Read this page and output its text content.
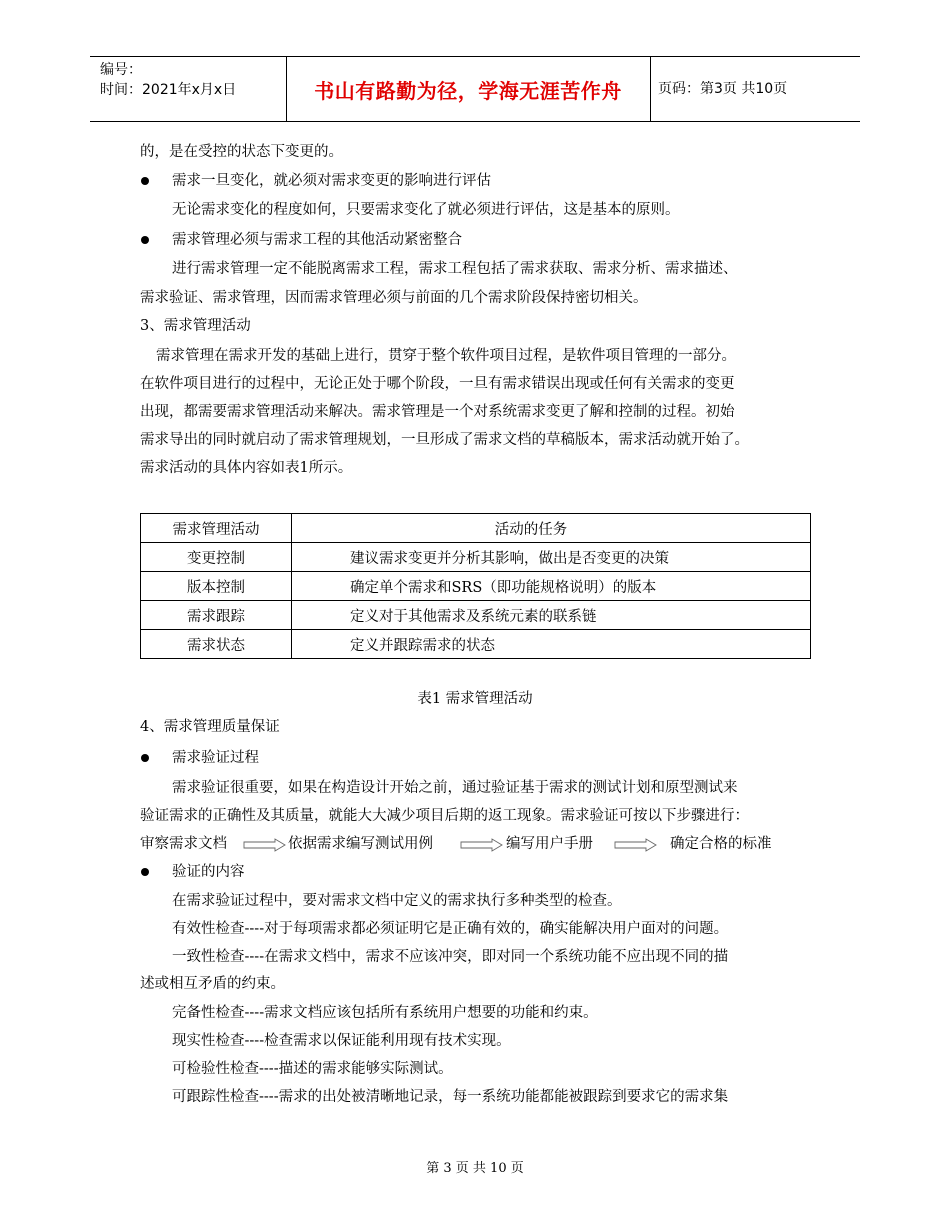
编号：
时间：2021年x月x日	书山有路勤为径，学海无涯苦作舟	页码：第3页 共10页
的，是在受控的状态下变更的。
需求一旦变化，就必须对需求变更的影响进行评估
无论需求变化的程度如何，只要需求变化了就必须进行评估，这是基本的原则。
需求管理必须与需求工程的其他活动紧密整合
进行需求管理一定不能脱离需求工程，需求工程包括了需求获取、需求分析、需求描述、
需求验证、需求管理，因而需求管理必须与前面的几个需求阶段保持密切相关。
3、需求管理活动
需求管理在需求开发的基础上进行，贯穿于整个软件项目过程，是软件项目管理的一部分。
在软件项目进行的过程中，无论正处于哪个阶段，一旦有需求错误出现或任何有关需求的变更
出现，都需要需求管理活动来解决。需求管理是一个对系统需求变更了解和控制的过程。初始
需求导出的同时就启动了需求管理规划，一旦形成了需求文档的草稿版本，需求活动就开始了。
需求活动的具体内容如表1所示。
需求管理活动	活动的任务
变更控制	建议需求变更并分析其影响，做出是否变更的决策
版本控制	确定单个需求和SRS（即功能规格说明）的版本
需求跟踪	定义对于其他需求及系统元素的联系链
需求状态	定义并跟踪需求的状态
表1 需求管理活动
4、需求管理质量保证
需求验证过程
需求验证很重要，如果在构造设计开始之前，通过验证基于需求的测试计划和原型测试来
验证需求的正确性及其质量，就能大大减少项目后期的返工现象。需求验证可按以下步骤进行：
审察需求文档	依据需求编写测试用例	编写用户手册	确定合格的标准
验证的内容
在需求验证过程中，要对需求文档中定义的需求执行多种类型的检查。
有效性检查----对于每项需求都必须证明它是正确有效的，确实能解决用户面对的问题。
一致性检查----在需求文档中，需求不应该冲突，即对同一个系统功能不应出现不同的描
述或相互矛盾的约束。
完备性检查----需求文档应该包括所有系统用户想要的功能和约束。
现实性检查----检查需求以保证能利用现有技术实现。
可检验性检查----描述的需求能够实际测试。
可跟踪性检查----需求的出处被清晰地记录，每一系统功能都能被跟踪到要求它的需求集
第 3 页 共 10 页
